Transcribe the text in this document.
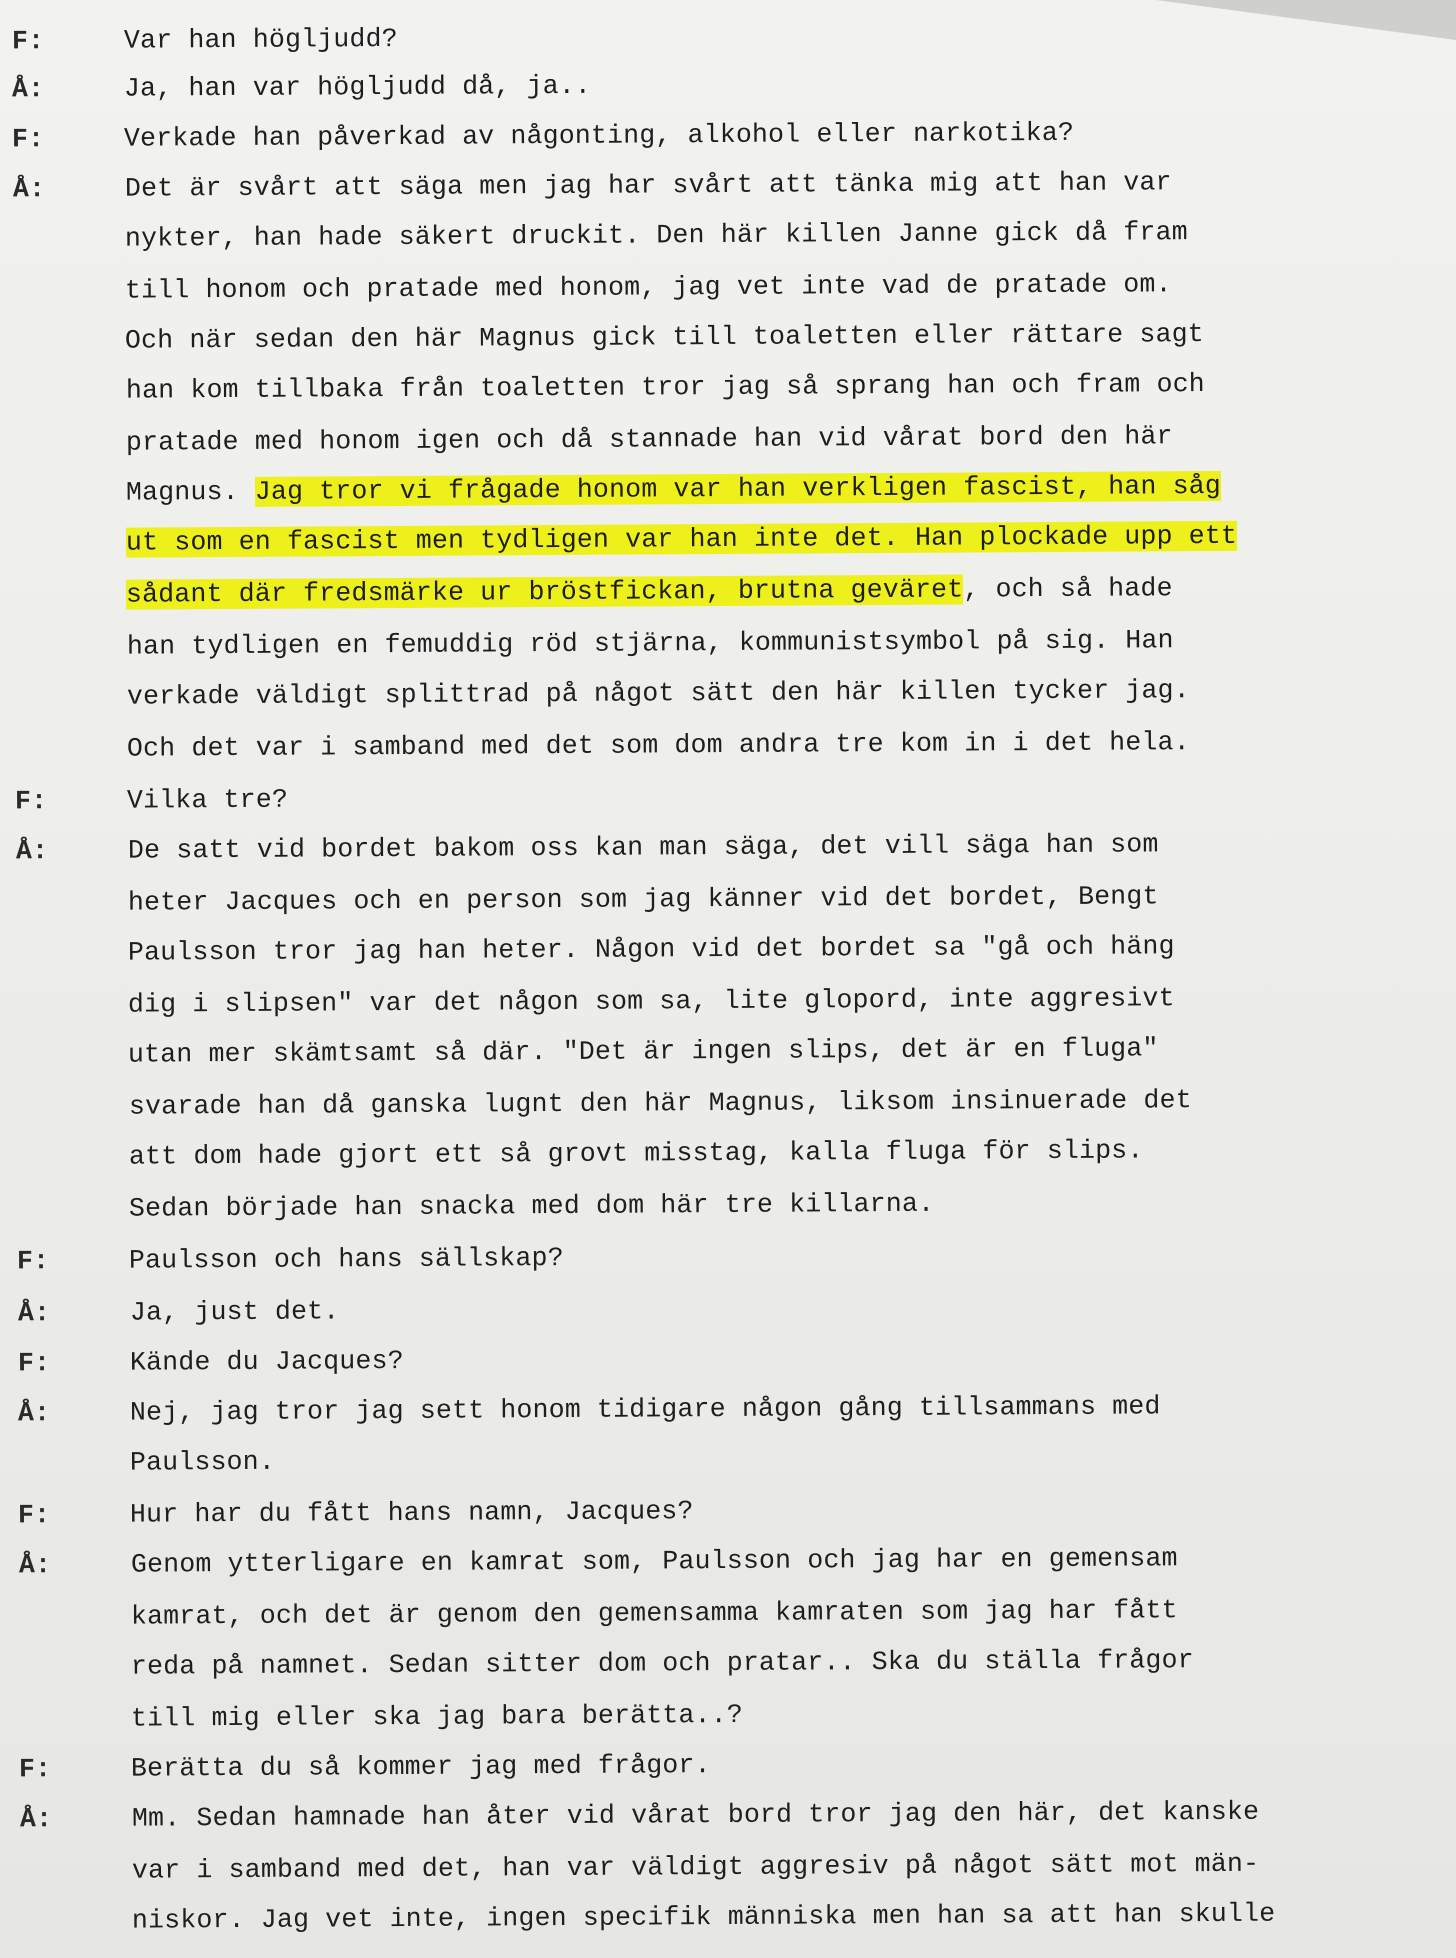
F:	Var han högljudd?
Å:	Ja, han var högljudd då, ja..
F:	Verkade han påverkad av någonting, alkohol eller narkotika?
Å:	Det är svårt att säga men jag har svårt att tänka mig att han var
nykter, han hade säkert druckit. Den här killen Janne gick då fram
till honom och pratade med honom, jag vet inte vad de pratade om.
Och när sedan den här Magnus gick till toaletten eller rättare sagt
han kom tillbaka från toaletten tror jag så sprang han och fram och
pratade med honom igen och då stannade han vid vårat bord den här
Magnus. Jag tror vi frågade honom var han verkligen fascist, han såg
ut som en fascist men tydligen var han inte det. Han plockade upp ett
sådant där fredsmärke ur bröstfickan, brutna geväret, och så hade
han tydligen en femuddig röd stjärna, kommunistsymbol på sig. Han
verkade väldigt splittrad på något sätt den här killen tycker jag.
Och det var i samband med det som dom andra tre kom in i det hela.
F:	Vilka tre?
Å:	De satt vid bordet bakom oss kan man säga, det vill säga han som
heter Jacques och en person som jag känner vid det bordet, Bengt
Paulsson tror jag han heter. Någon vid det bordet sa "gå och häng
dig i slipsen" var det någon som sa, lite glopord, inte aggresivt
utan mer skämtsamt så där. "Det är ingen slips, det är en fluga"
svarade han då ganska lugnt den här Magnus, liksom insinuerade det
att dom hade gjort ett så grovt misstag, kalla fluga för slips.
Sedan började han snacka med dom här tre killarna.
F:	Paulsson och hans sällskap?
Å:	Ja, just det.
F:	Kände du Jacques?
Å:	Nej, jag tror jag sett honom tidigare någon gång tillsammans med
Paulsson.
F:	Hur har du fått hans namn, Jacques?
Å:	Genom ytterligare en kamrat som, Paulsson och jag har en gemensam
kamrat, och det är genom den gemensamma kamraten som jag har fått
reda på namnet. Sedan sitter dom och pratar.. Ska du ställa frågor
till mig eller ska jag bara berätta..?
F:	Berätta du så kommer jag med frågor.
Å:	Mm. Sedan hamnade han åter vid vårat bord tror jag den här, det kanske
var i samband med det, han var väldigt aggresiv på något sätt mot män-
niskor. Jag vet inte, ingen specifik människa men han sa att han skulle
